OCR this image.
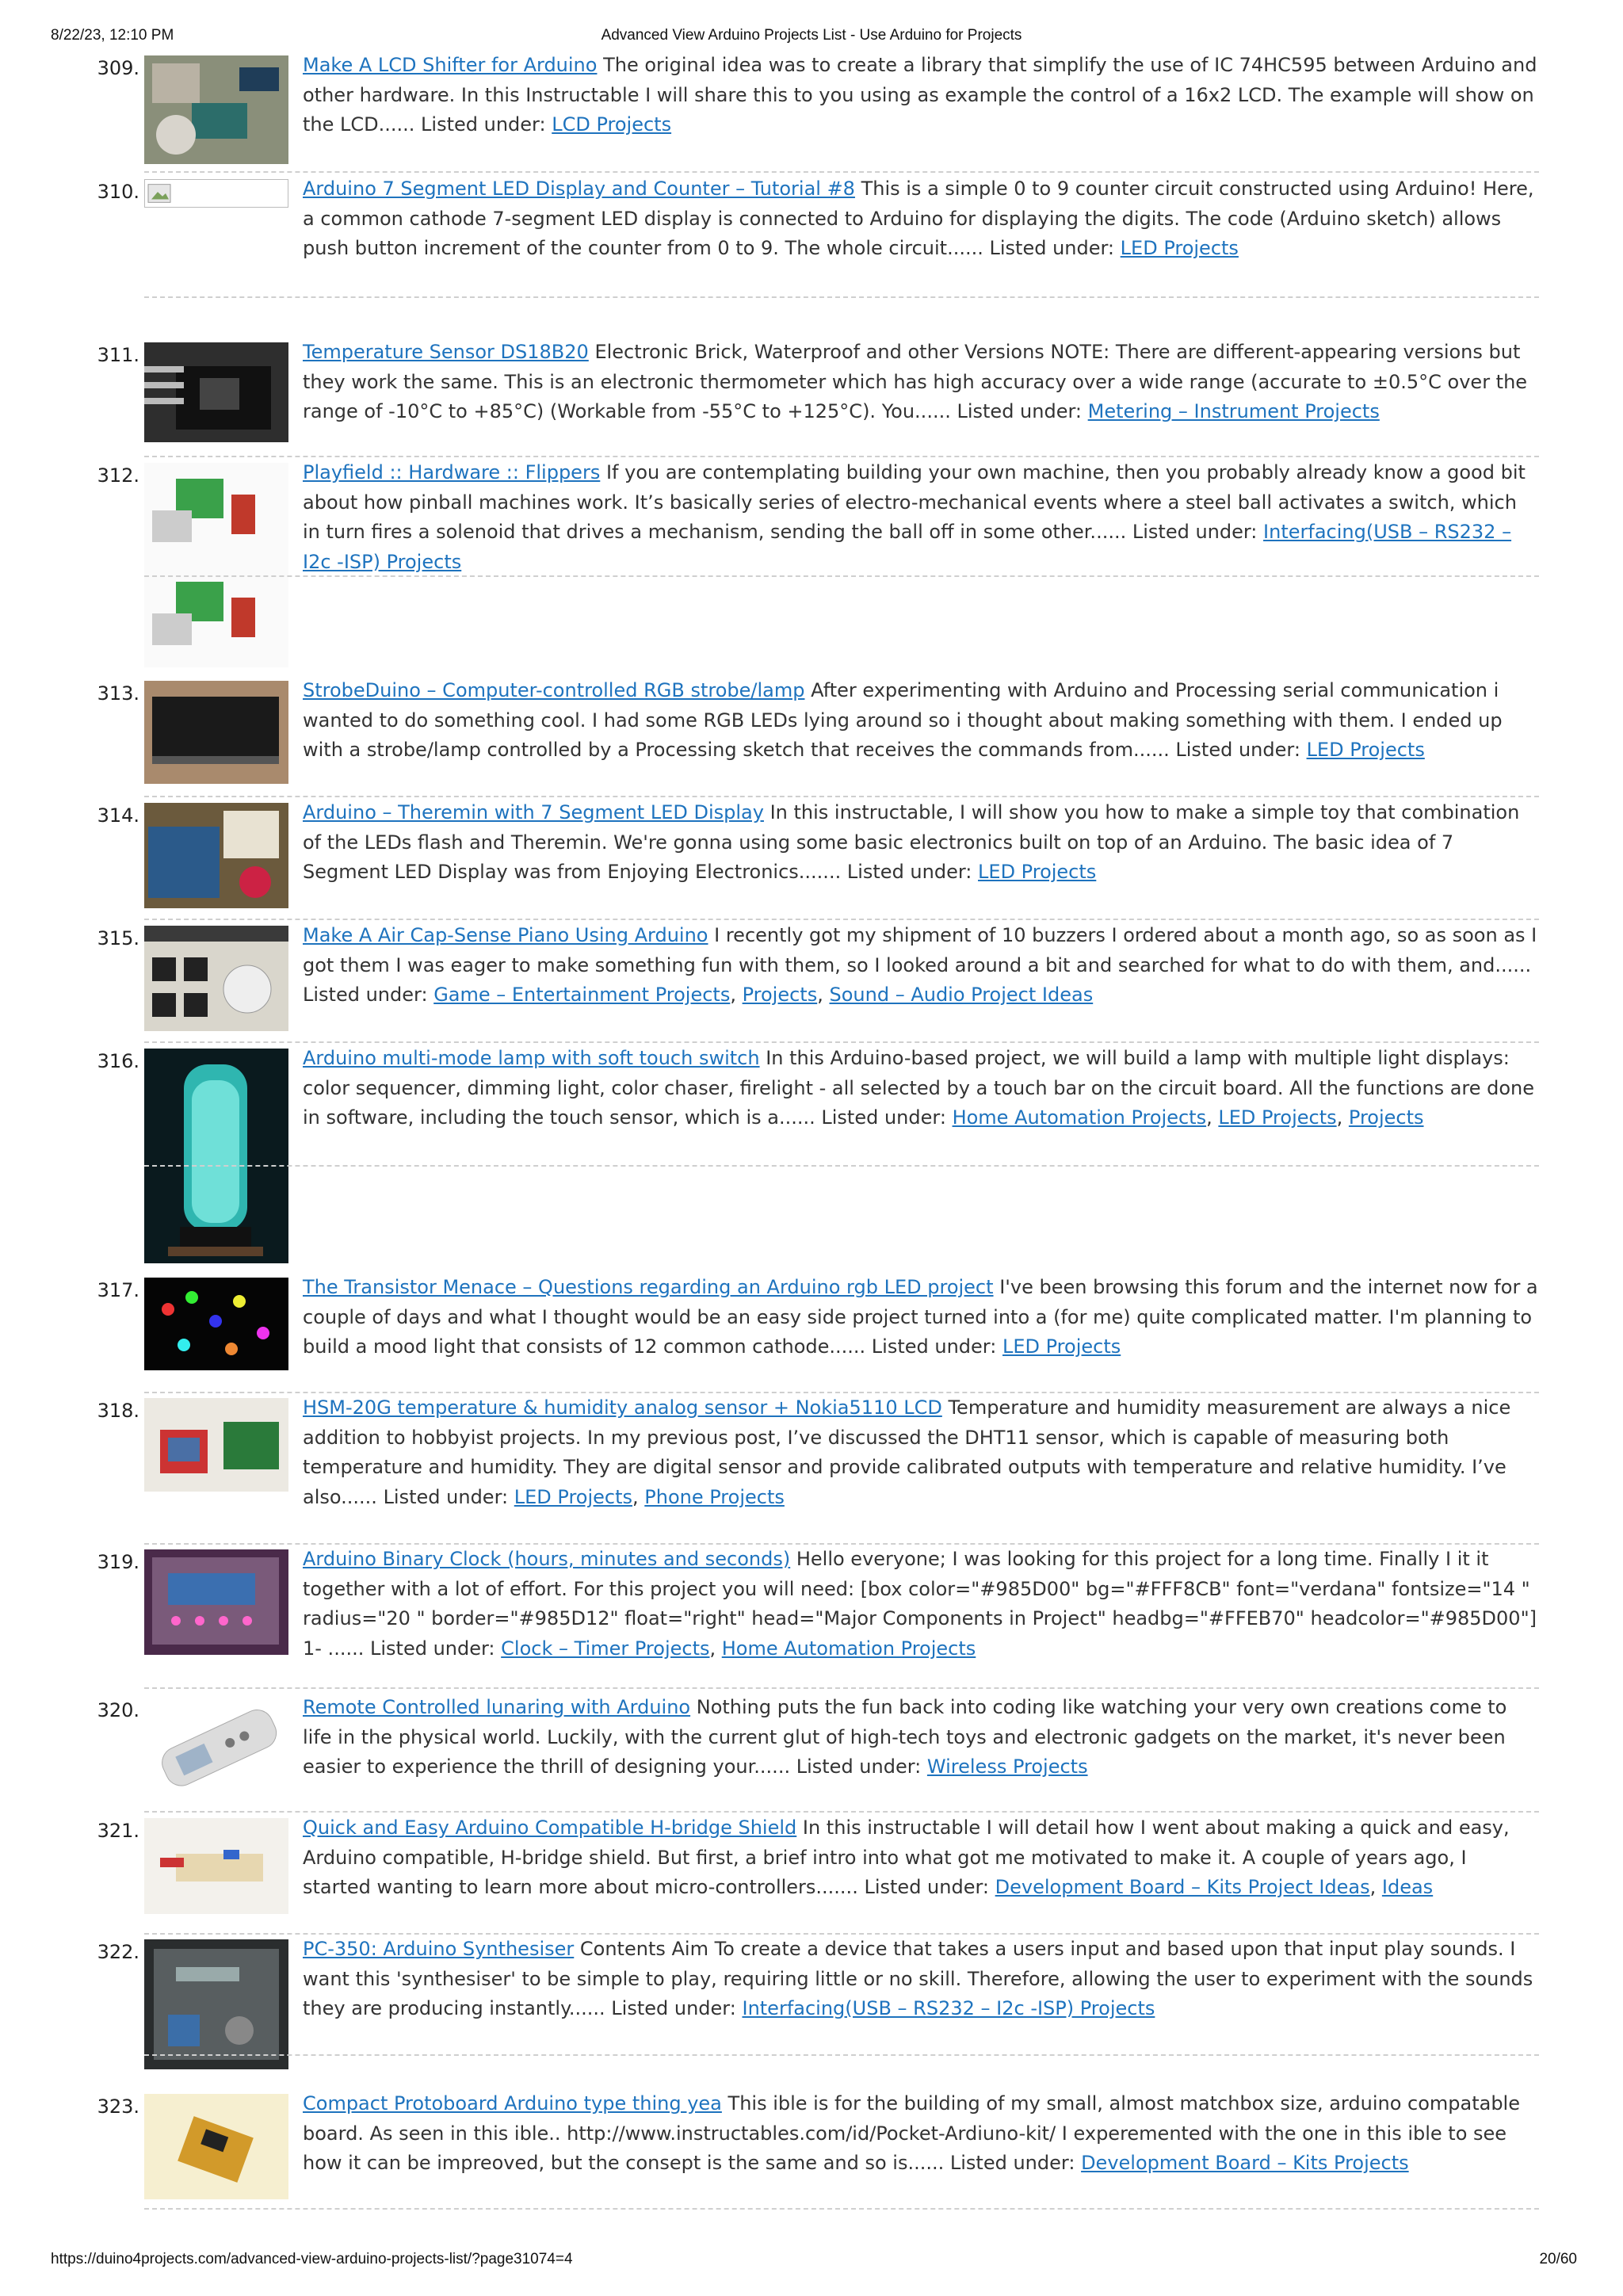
8/22/23, 12:10 PM	Advanced View Arduino Projects List - Use Arduino for Projects
309.	Make A LCD Shifter for Arduino The original idea was to create a library that simplify the use of IC 74HC595 between Arduino and other hardware. In this Instructable I will share this to you using as example the control of a 16x2 LCD. The example will show on the LCD...... Listed under: LCD Projects
310.	Arduino 7 Segment LED Display and Counter – Tutorial #8 This is a simple 0 to 9 counter circuit constructed using Arduino! Here, a common cathode 7-segment LED display is connected to Arduino for displaying the digits. The code (Arduino sketch) allows push button increment of the counter from 0 to 9. The whole circuit...... Listed under: LED Projects
311.	Temperature Sensor DS18B20 Electronic Brick, Waterproof and other Versions NOTE: There are different-appearing versions but they work the same. This is an electronic thermometer which has high accuracy over a wide range (accurate to ±0.5°C over the range of -10°C to +85°C) (Workable from -55°C to +125°C). You...... Listed under: Metering – Instrument Projects
312.	Playfield :: Hardware :: Flippers If you are contemplating building your own machine, then you probably already know a good bit about how pinball machines work. It’s basically series of electro-mechanical events where a steel ball activates a switch, which in turn fires a solenoid that drives a mechanism, sending the ball off in some other...... Listed under: Interfacing(USB – RS232 – I2c -ISP) Projects
313.	StrobeDuino – Computer-controlled RGB strobe/lamp After experimenting with Arduino and Processing serial communication i wanted to do something cool. I had some RGB LEDs lying around so i thought about making something with them. I ended up with a strobe/lamp controlled by a Processing sketch that receives the commands from...... Listed under: LED Projects
314.	Arduino – Theremin with 7 Segment LED Display In this instructable, I will show you how to make a simple toy that combination of the LEDs flash and Theremin. We're gonna using some basic electronics built on top of an Arduino. The basic idea of 7 Segment LED Display was from Enjoying Electronics....... Listed under: LED Projects
315.	Make A Air Cap-Sense Piano Using Arduino I recently got my shipment of 10 buzzers I ordered about a month ago, so as soon as I got them I was eager to make something fun with them, so I looked around a bit and searched for what to do with them, and...... Listed under: Game – Entertainment Projects, Projects, Sound – Audio Project Ideas
316.	Arduino multi-mode lamp with soft touch switch In this Arduino-based project, we will build a lamp with multiple light displays: color sequencer, dimming light, color chaser, firelight - all selected by a touch bar on the circuit board. All the functions are done in software, including the touch sensor, which is a...... Listed under: Home Automation Projects, LED Projects, Projects
317.	The Transistor Menace – Questions regarding an Arduino rgb LED project I've been browsing this forum and the internet now for a couple of days and what I thought would be an easy side project turned into a (for me) quite complicated matter. I'm planning to build a mood light that consists of 12 common cathode...... Listed under: LED Projects
318.	HSM-20G temperature & humidity analog sensor + Nokia5110 LCD Temperature and humidity measurement are always a nice addition to hobbyist projects. In my previous post, I’ve discussed the DHT11 sensor, which is capable of measuring both temperature and humidity. They are digital sensor and provide calibrated outputs with temperature and relative humidity. I’ve also...... Listed under: LED Projects, Phone Projects
319.	Arduino Binary Clock (hours, minutes and seconds) Hello everyone; I was looking for this project for a long time. Finally I it it together with a lot of effort. For this project you will need: [box color="#985D00" bg="#FFF8CB" font="verdana" fontsize="14 " radius="20 " border="#985D12" float="right" head="Major Components in Project" headbg="#FFEB70" headcolor="#985D00"] 1- ...... Listed under: Clock – Timer Projects, Home Automation Projects
320.	Remote Controlled lunaring with Arduino Nothing puts the fun back into coding like watching your very own creations come to life in the physical world. Luckily, with the current glut of high-tech toys and electronic gadgets on the market, it's never been easier to experience the thrill of designing your...... Listed under: Wireless Projects
321.	Quick and Easy Arduino Compatible H-bridge Shield In this instructable I will detail how I went about making a quick and easy, Arduino compatible, H-bridge shield. But first, a brief intro into what got me motivated to make it. A couple of years ago, I started wanting to learn more about micro-controllers....... Listed under: Development Board – Kits Project Ideas, Ideas
322.	PC-350: Arduino Synthesiser Contents Aim To create a device that takes a users input and based upon that input play sounds. I want this 'synthesiser' to be simple to play, requiring little or no skill. Therefore, allowing the user to experiment with the sounds they are producing instantly...... Listed under: Interfacing(USB – RS232 – I2c -ISP) Projects
323.	Compact Protoboard Arduino type thing yea This ible is for the building of my small, almost matchbox size, arduino compatable board. As seen in this ible.. http://www.instructables.com/id/Pocket-Ardiuno-kit/ I experemented with the one in this ible to see how it can be impreoved, but the consept is the same and so is...... Listed under: Development Board – Kits Projects
https://duino4projects.com/advanced-view-arduino-projects-list/?page31074=4	20/60
